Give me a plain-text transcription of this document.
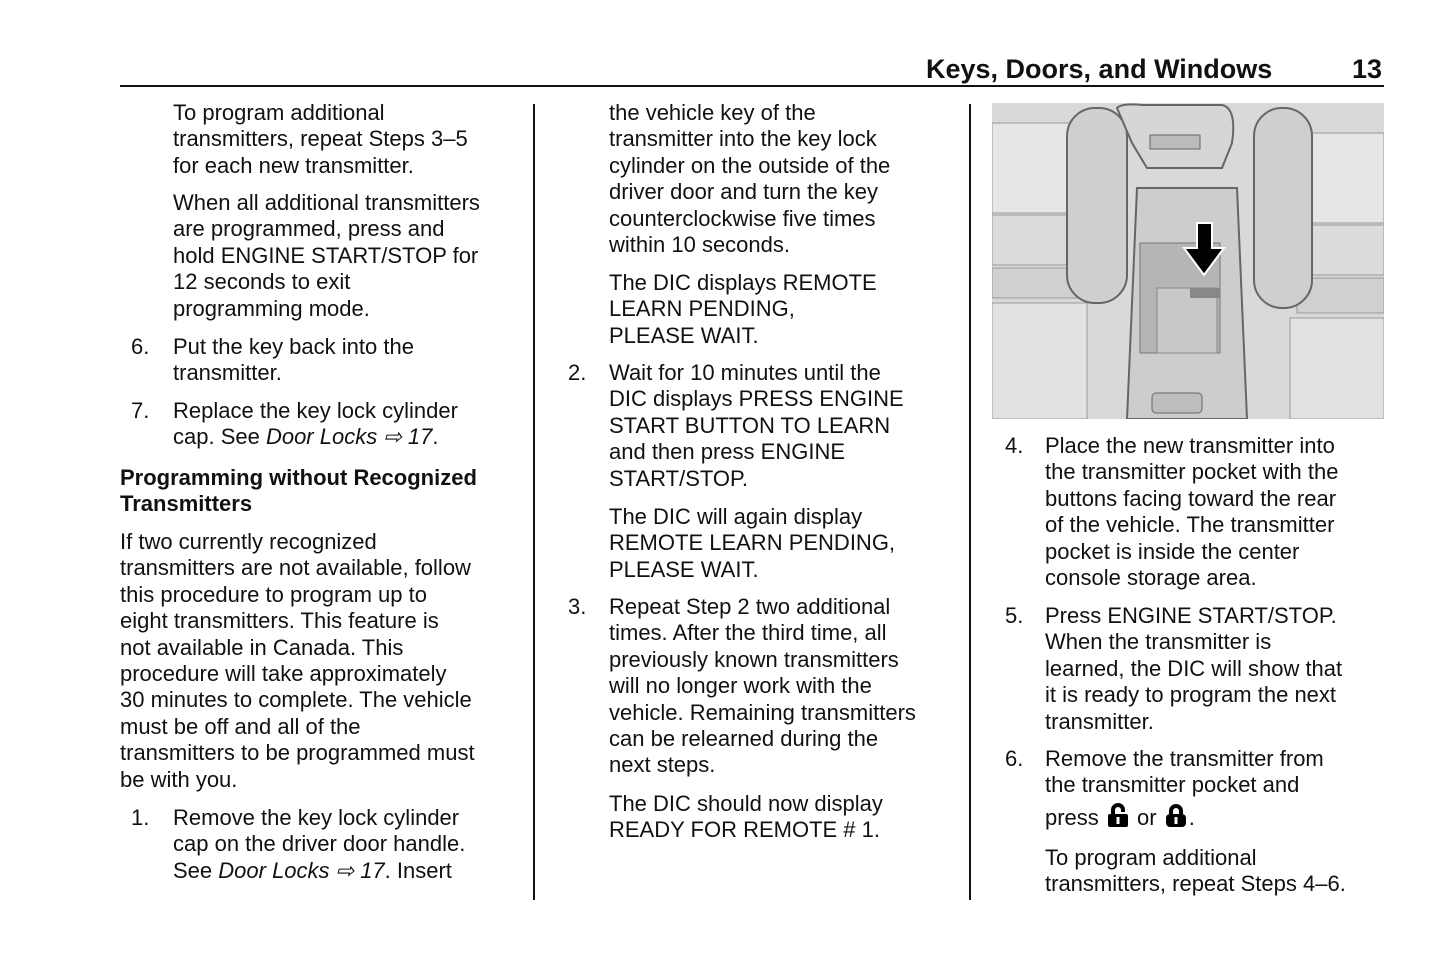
Keys, Doors, and Windows	13
To program additional
transmitters, repeat Steps 3–5
for each new transmitter.
When all additional transmitters
are programmed, press and
hold ENGINE START/STOP for
12 seconds to exit
programming mode.
6. Put the key back into the
transmitter.
7. Replace the key lock cylinder
cap. See Door Locks ⇨ 17.
Programming without Recognized
Transmitters
If two currently recognized
transmitters are not available, follow
this procedure to program up to
eight transmitters. This feature is
not available in Canada. This
procedure will take approximately
30 minutes to complete. The vehicle
must be off and all of the
transmitters to be programmed must
be with you.
1. Remove the key lock cylinder
cap on the driver door handle.
See Door Locks ⇨ 17. Insert
the vehicle key of the
transmitter into the key lock
cylinder on the outside of the
driver door and turn the key
counterclockwise five times
within 10 seconds.
The DIC displays REMOTE
LEARN PENDING,
PLEASE WAIT.
2. Wait for 10 minutes until the
DIC displays PRESS ENGINE
START BUTTON TO LEARN
and then press ENGINE
START/STOP.
The DIC will again display
REMOTE LEARN PENDING,
PLEASE WAIT.
3. Repeat Step 2 two additional
times. After the third time, all
previously known transmitters
will no longer work with the
vehicle. Remaining transmitters
can be relearned during the
next steps.
The DIC should now display
READY FOR REMOTE # 1.
4. Place the new transmitter into
the transmitter pocket with the
buttons facing toward the rear
of the vehicle. The transmitter
pocket is inside the center
console storage area.
5. Press ENGINE START/STOP.
When the transmitter is
learned, the DIC will show that
it is ready to program the next
transmitter.
6. Remove the transmitter from
the transmitter pocket and
press  or .
To program additional
transmitters, repeat Steps 4–6.
